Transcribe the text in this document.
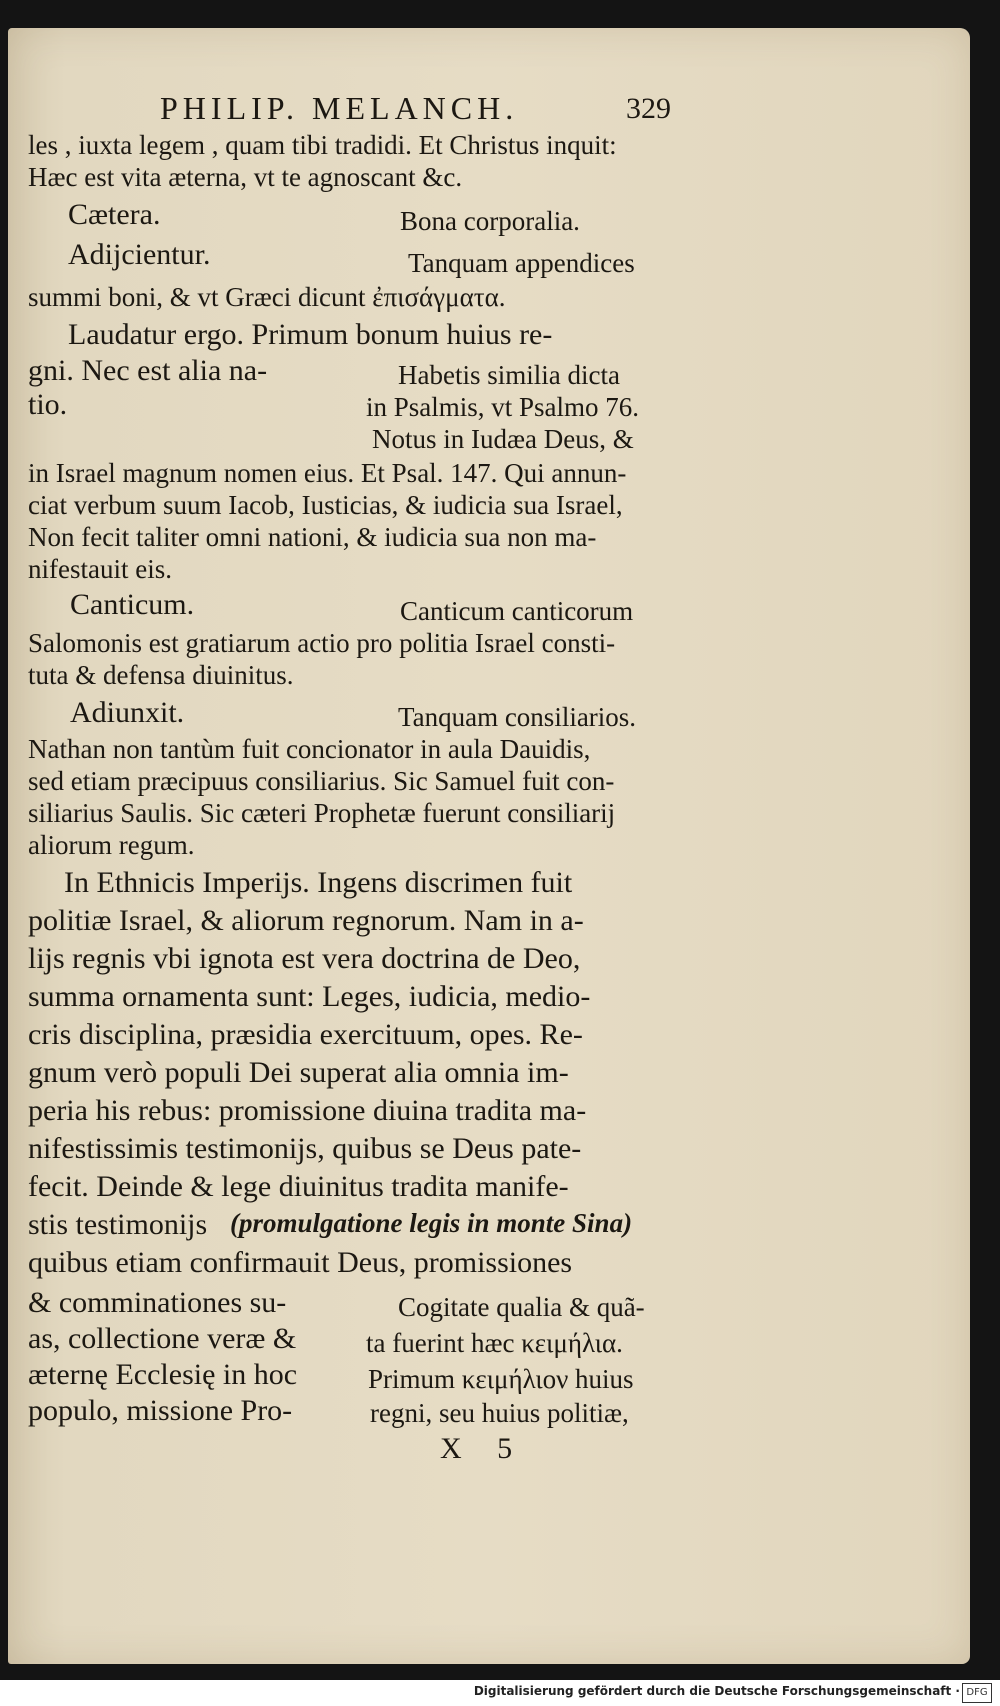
PHILIP. MELANCH.	329
les , iuxta legem , quam tibi tradidi. Et Christus inquit:
Hæc est vita æterna, vt te agnoscant &c.
Cætera.	Bona corporalia.
Adijcientur.	Tanquam appendices
summi boni, & vt Græci dicunt ἐπισάγματα.
Laudatur ergo. Primum bonum huius re-
gni. Nec est alia na-	Habetis similia dicta
tio.	in Psalmis, vt Psalmo 76.
Notus in Iudæa Deus, &
in Israel magnum nomen eius. Et Psal. 147. Qui annun-
ciat verbum suum Iacob, Iusticias, & iudicia sua Israel,
Non fecit taliter omni nationi, & iudicia sua non ma-
nifestauit eis.
Canticum.	Canticum canticorum
Salomonis est gratiarum actio pro politia Israel consti-
tuta & defensa diuinitus.
Adiunxit.	Tanquam consiliarios.
Nathan non tantùm fuit concionator in aula Dauidis,
sed etiam præcipuus consiliarius. Sic Samuel fuit con-
siliarius Saulis. Sic cæteri Prophetæ fuerunt consiliarij
aliorum regum.
In Ethnicis Imperijs. Ingens discrimen fuit
politiæ Israel, & aliorum regnorum. Nam in a-
lijs regnis vbi ignota est vera doctrina de Deo,
summa ornamenta sunt: Leges, iudicia, medio-
cris disciplina, præsidia exercituum, opes. Re-
gnum verò populi Dei superat alia omnia im-
peria his rebus: promissione diuina tradita ma-
nifestissimis testimonijs, quibus se Deus pate-
fecit. Deinde & lege diuinitus tradita manife-
stis testimonijs (promulgatione legis in monte Sina)
quibus etiam confirmauit Deus, promissiones
& comminationes su-	Cogitate qualia & quã-
as, collectione veræ &	ta fuerint hæc κειμήλια.
æternę Ecclesię in hoc	Primum κειμήλιον huius
populo, missione Pro-	regni, seu huius politiæ,
X 5
Digitalisierung gefördert durch die Deutsche Forschungsgemeinschaft · DFG
